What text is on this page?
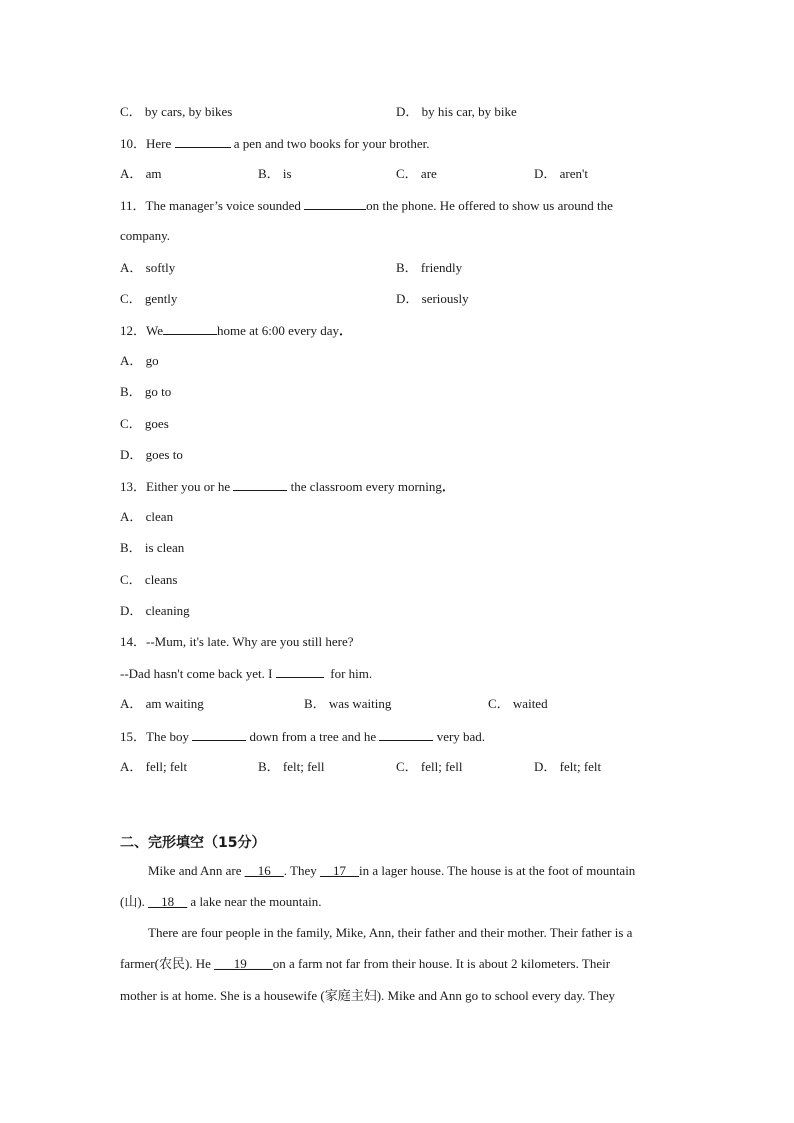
C． by cars, by bikes	D． by his car, by bike
10．Here	a pen and two books for your brother.
A． am	B． is	C． are	D． aren't
11．The manager’s voice sounded	on the phone. He offered to show us around the
company.
A． softly	B． friendly
C． gently	D． seriously
12．We	home at 6:00 every day．
A． go
B． go to
C． goes
D． goes to
13．Either you or he	the classroom every morning．
A． clean
B． is clean
C． cleans
D． cleaning
14．--Mum, it's late. Why are you still here?
--Dad hasn't come back yet. I	for him.
A． am waiting	B． was waiting	C． waited
15．The boy	down from a tree and he	very bad.
A． fell; felt	B． felt; fell	C． fell; fell	D． felt; felt
二、完形填空（15分）
Mike and Ann are __16__. They __17__in a lager house. The house is at the foot of mountain
(山). __18__ a lake near the mountain.
There are four people in the family, Mike, Ann, their father and their mother. Their father is a
farmer(农民). He ___19____on a farm not far from their house. It is about 2 kilometers. Their
mother is at home. She is a housewife (家庭主妇). Mike and Ann go to school every day. They
